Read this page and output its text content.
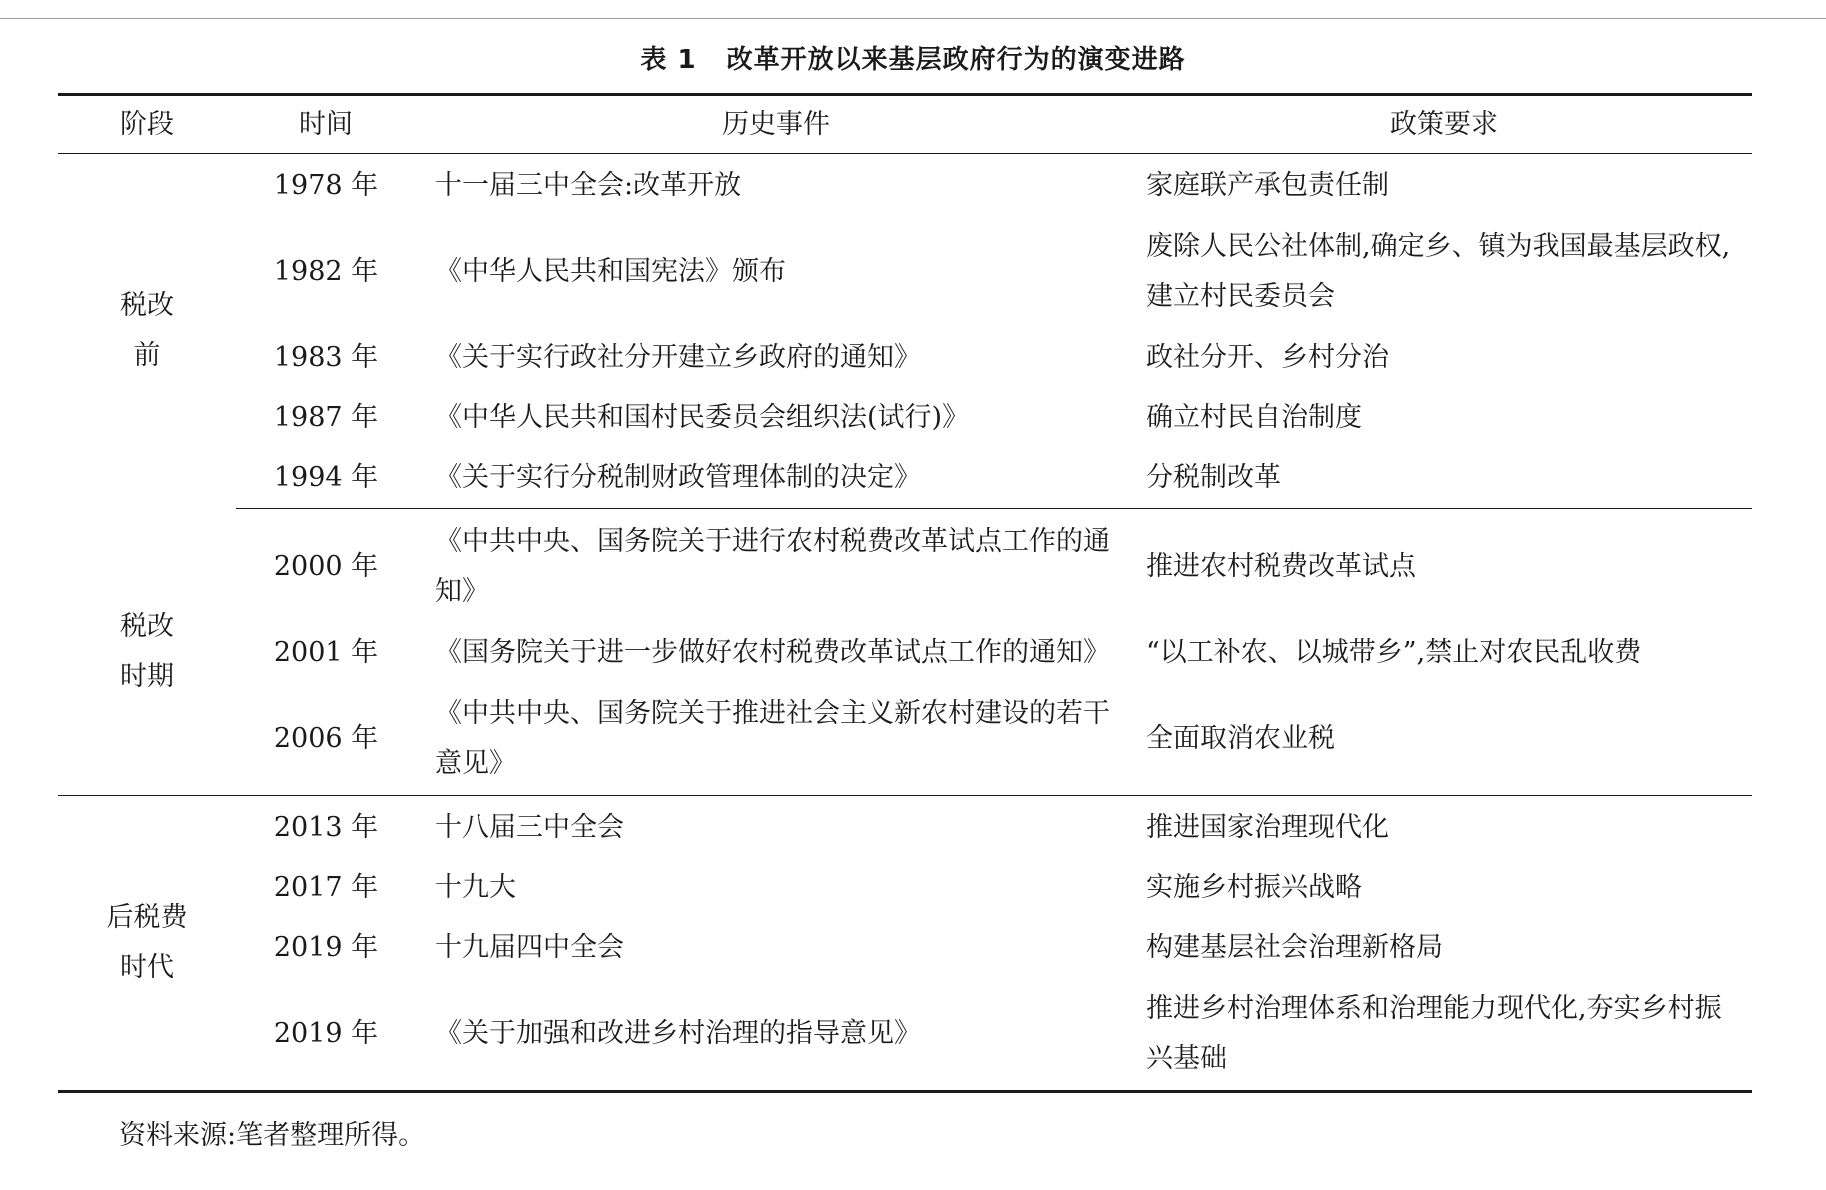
表 1 改革开放以来基层政府行为的演变进路
阶段	时间	历史事件	政策要求
税改前	1978 年	十一届三中全会:改革开放	家庭联产承包责任制
	1982 年	《中华人民共和国宪法》颁布	废除人民公社体制,确定乡、镇为我国最基层政权,建立村民委员会
	1983 年	《关于实行政社分开建立乡政府的通知》	政社分开、乡村分治
	1987 年	《中华人民共和国村民委员会组织法(试行)》	确立村民自治制度
	1994 年	《关于实行分税制财政管理体制的决定》	分税制改革
税改时期	2000 年	《中共中央、国务院关于进行农村税费改革试点工作的通知》	推进农村税费改革试点
	2001 年	《国务院关于进一步做好农村税费改革试点工作的通知》	“以工补农、以城带乡”,禁止对农民乱收费
	2006 年	《中共中央、国务院关于推进社会主义新农村建设的若干意见》	全面取消农业税
后税费时代	2013 年	十八届三中全会	推进国家治理现代化
	2017 年	十九大	实施乡村振兴战略
	2019 年	十九届四中全会	构建基层社会治理新格局
	2019 年	《关于加强和改进乡村治理的指导意见》	推进乡村治理体系和治理能力现代化,夯实乡村振兴基础
资料来源:笔者整理所得。
